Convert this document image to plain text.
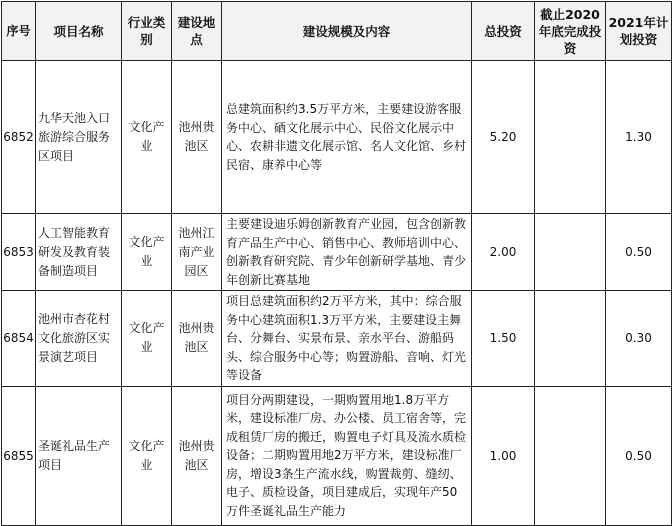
序号	项目名称	行业类别	建设地点	建设规模及内容	总投资	截止2020年底完成投资	2021年计划投资
6852	九华天池入口旅游综合服务区项目	文化产业	池州贵池区	总建筑面积约3.5万平方米，主要建设游客服务中心、硒文化展示中心、民俗文化展示中心、农耕非遗文化展示馆、名人文化馆、乡村民宿、康养中心等	5.20		1.30
6853	人工智能教育研发及教育装备制造项目	文化产业	池州江南产业园区	主要建设迪乐姆创新教育产业园，包含创新教育产品生产中心、销售中心、教师培训中心、创新教育研究院、青少年创新研学基地、青少年创新比赛基地	2.00		0.50
6854	池州市杏花村文化旅游区实景演艺项目	文化产业	池州贵池区	项目总建筑面积约2万平方米，其中：综合服务中心建筑面积1.3万平方米，主要建设主舞台、分舞台、实景布景、亲水平台、游船码头、综合服务中心等；购置游船、音响、灯光等设备	1.50		0.30
6855	圣诞礼品生产项目	文化产业	池州贵池区	项目分两期建设，一期购置用地1.8万平方米，建设标准厂房、办公楼、员工宿舍等，完成租赁厂房的搬迁，购置电子灯具及流水质检设备；二期购置用地2万平方米，建设标准厂房，增设3条生产流水线，购置裁剪、缝纫、电子、质检设备，项目建成后，实现年产50万件圣诞礼品生产能力	1.00		0.50
